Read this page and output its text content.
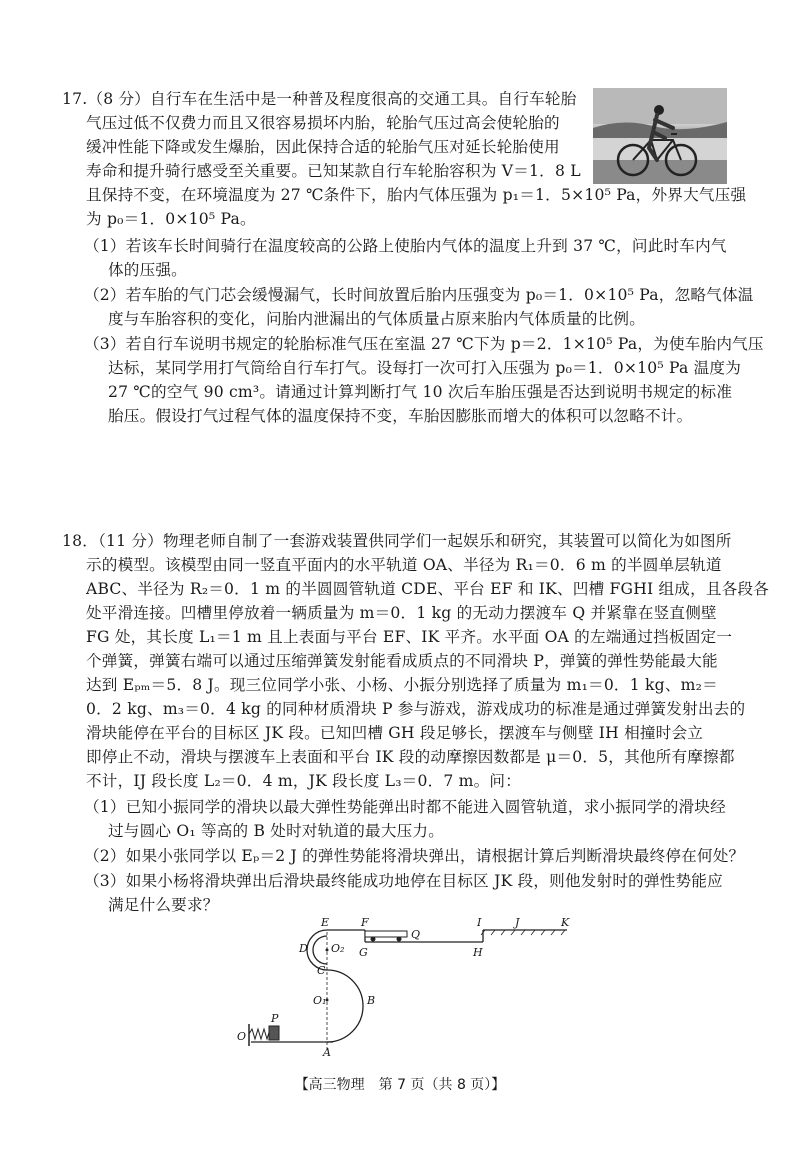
17.（8 分）自行车在生活中是一种普及程度很高的交通工具。自行车轮胎
气压过低不仅费力而且又很容易损坏内胎，轮胎气压过高会使轮胎的
缓冲性能下降或发生爆胎，因此保持合适的轮胎气压对延长轮胎使用
寿命和提升骑行感受至关重要。已知某款自行车轮胎容积为 V＝1．8 L
且保持不变，在环境温度为 27 ℃条件下，胎内气体压强为 p₁＝1．5×10⁵ Pa，外界大气压强
为 p₀＝1．0×10⁵ Pa。
（1）若该车长时间骑行在温度较高的公路上使胎内气体的温度上升到 37 ℃，问此时车内气
体的压强。
（2）若车胎的气门芯会缓慢漏气，长时间放置后胎内压强变为 p₀＝1．0×10⁵ Pa，忽略气体温
度与车胎容积的变化，问胎内泄漏出的气体质量占原来胎内气体质量的比例。
（3）若自行车说明书规定的轮胎标准气压在室温 27 ℃下为 p＝2．1×10⁵ Pa，为使车胎内气压
达标，某同学用打气筒给自行车打气。设每打一次可打入压强为 p₀＝1．0×10⁵ Pa 温度为
27 ℃的空气 90 cm³。请通过计算判断打气 10 次后车胎压强是否达到说明书规定的标准
胎压。假设打气过程气体的温度保持不变，车胎因膨胀而增大的体积可以忽略不计。
18．（11 分）物理老师自制了一套游戏装置供同学们一起娱乐和研究，其装置可以简化为如图所
示的模型。该模型由同一竖直平面内的水平轨道 OA、半径为 R₁＝0．6 m 的半圆单层轨道
ABC、半径为 R₂＝0．1 m 的半圆圆管轨道 CDE、平台 EF 和 IK、凹槽 FGHI 组成，且各段各
处平滑连接。凹槽里停放着一辆质量为 m＝0．1 kg 的无动力摆渡车 Q 并紧靠在竖直侧壁
FG 处，其长度 L₁＝1 m 且上表面与平台 EF、IK 平齐。水平面 OA 的左端通过挡板固定一
个弹簧，弹簧右端可以通过压缩弹簧发射能看成质点的不同滑块 P，弹簧的弹性势能最大能
达到 Eₚₘ＝5．8 J。现三位同学小张、小杨、小振分别选择了质量为 m₁＝0．1 kg、m₂＝
0．2 kg、m₃＝0．4 kg 的同种材质滑块 P 参与游戏，游戏成功的标准是通过弹簧发射出去的
滑块能停在平台的目标区 JK 段。已知凹槽 GH 段足够长，摆渡车与侧壁 IH 相撞时会立
即停止不动，滑块与摆渡车上表面和平台 IK 段的动摩擦因数都是 μ＝0．5，其他所有摩擦都
不计，IJ 段长度 L₂＝0．4 m，JK 段长度 L₃＝0．7 m。问：
（1）已知小振同学的滑块以最大弹性势能弹出时都不能进入圆管轨道，求小振同学的滑块经
过与圆心 O₁ 等高的 B 处时对轨道的最大压力。
（2）如果小张同学以 Eₚ＝2 J 的弹性势能将滑块弹出，请根据计算后判断滑块最终停在何处？
（3）如果小杨将滑块弹出后滑块最终能成功地停在目标区 JK 段，则他发射时的弹性势能应
满足什么要求？
E	F
Q
I	J	K
D O₂ G	H
C
O₁	B
O
P
A
【高三物理　第 7 页（共 8 页）】
